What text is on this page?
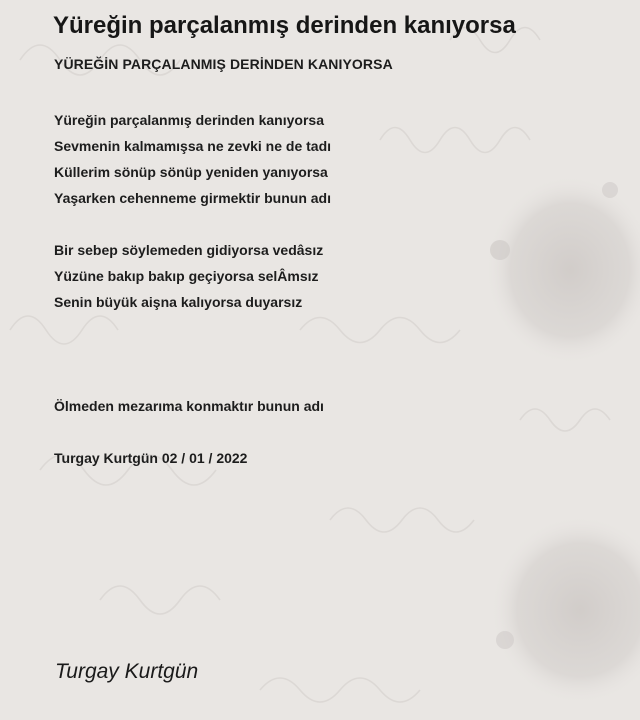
Yüreğin parçalanmış derinden kanıyorsa
YÜREĞİN PARÇALANMIŞ DERİNDEN KANIYORSA
Yüreğin parçalanmış derinden kanıyorsa
Sevmenin kalmamışsa ne zevki ne de tadı
Küllerim sönüp sönüp yeniden yanıyorsa
Yaşarken cehenneme girmektir bunun adı
Bir sebep söylemeden gidiyorsa vedâsız
Yüzüne bakıp bakıp geçiyorsa selÂmsız
Senin büyük aişna kalıyorsa duyarsız
Ölmeden mezarıma konmaktır bunun adı
Turgay Kurtgün 02 / 01 / 2022
Turgay Kurtgün
